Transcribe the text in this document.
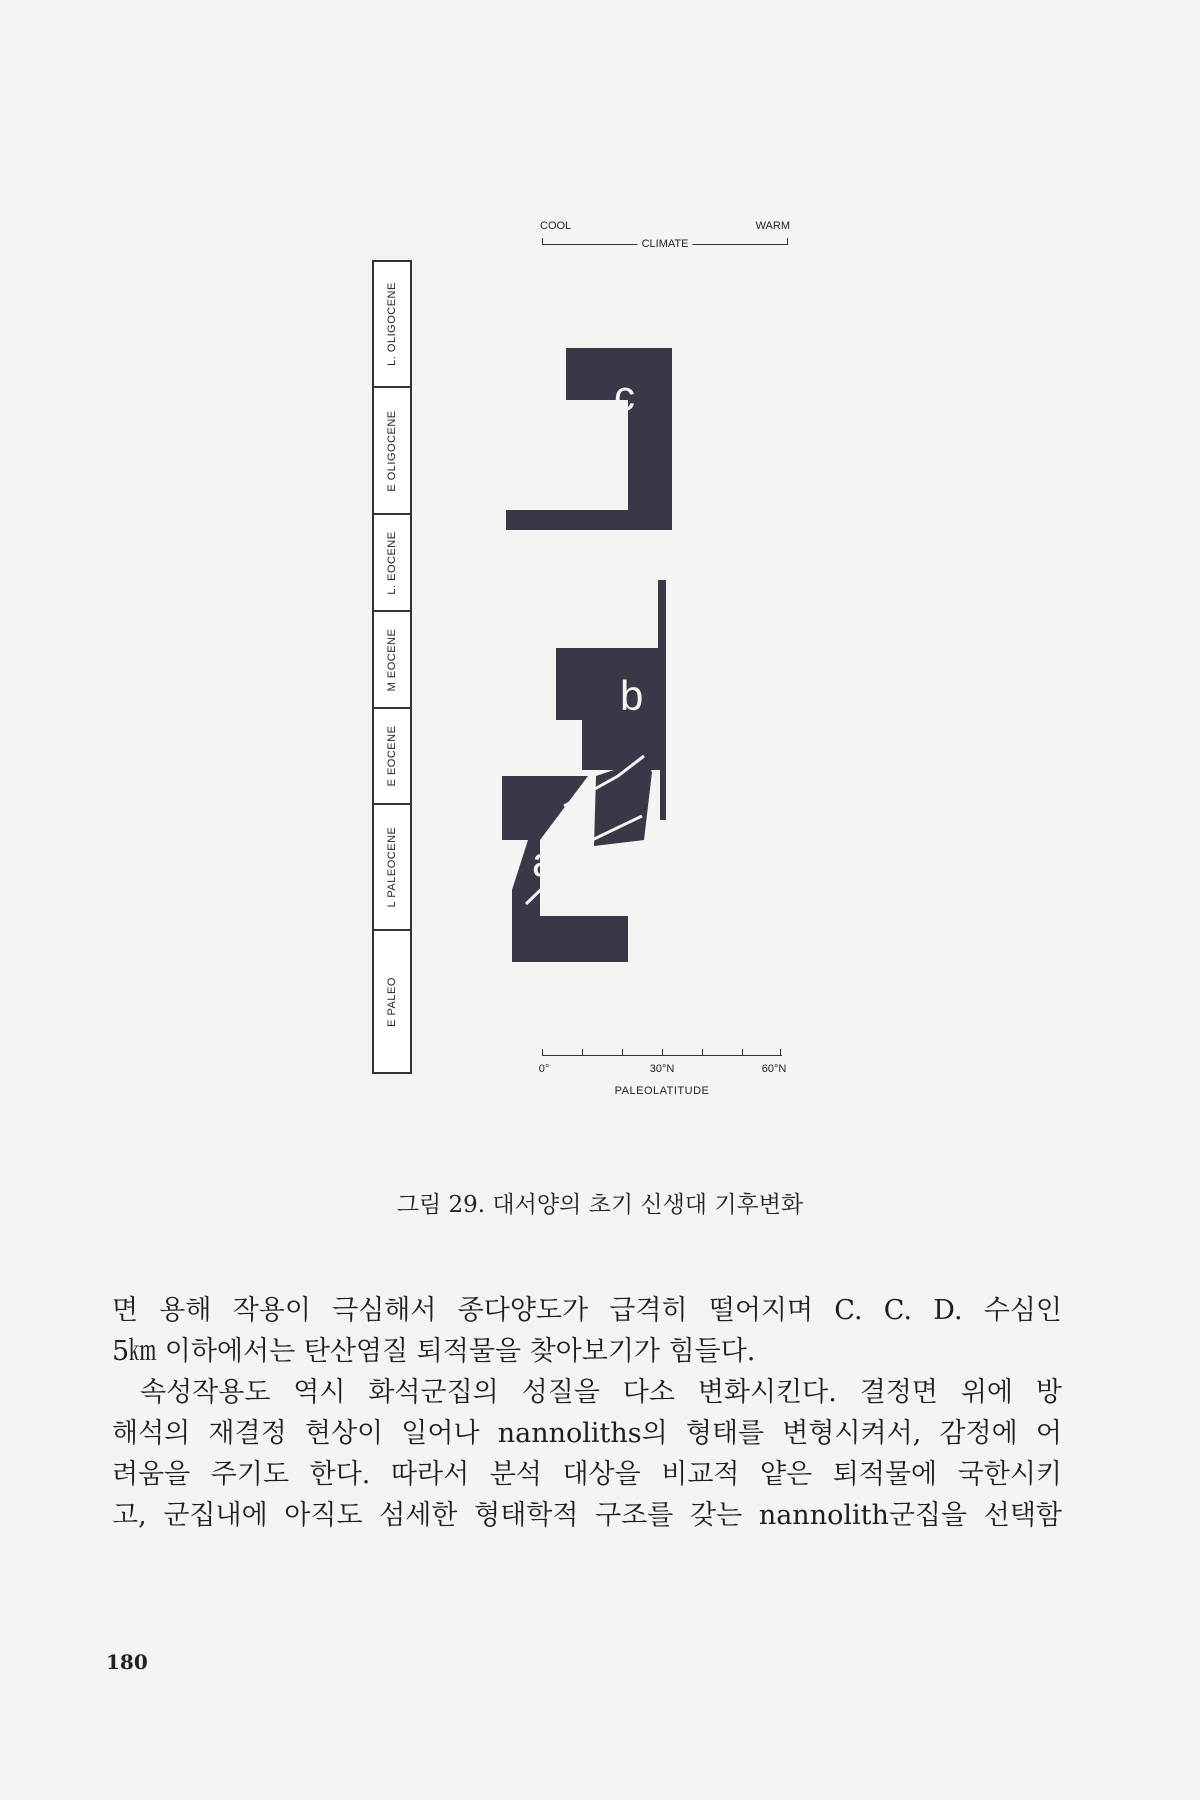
L. OLIGOCENE
E OLIGOCENE
L. EOCENE
M EOCENE
E EOCENE
L PALEOCENE
E PALEO
COOL	WARM
CLIMATE
c
b
a
0°	30°N	60°N
PALEOLATITUDE
그림 29. 대서양의 초기 신생대 기후변화
면 용해 작용이 극심해서 종다양도가 급격히 떨어지며 C. C. D. 수심인
5㎞ 이하에서는 탄산염질 퇴적물을 찾아보기가 힘들다.
속성작용도 역시 화석군집의 성질을 다소 변화시킨다. 결정면 위에 방
해석의 재결정 현상이 일어나 nannoliths의 형태를 변형시켜서, 감정에 어
려움을 주기도 한다. 따라서 분석 대상을 비교적 얕은 퇴적물에 국한시키
고, 군집내에 아직도 섬세한 형태학적 구조를 갖는 nannolith군집을 선택함
180
